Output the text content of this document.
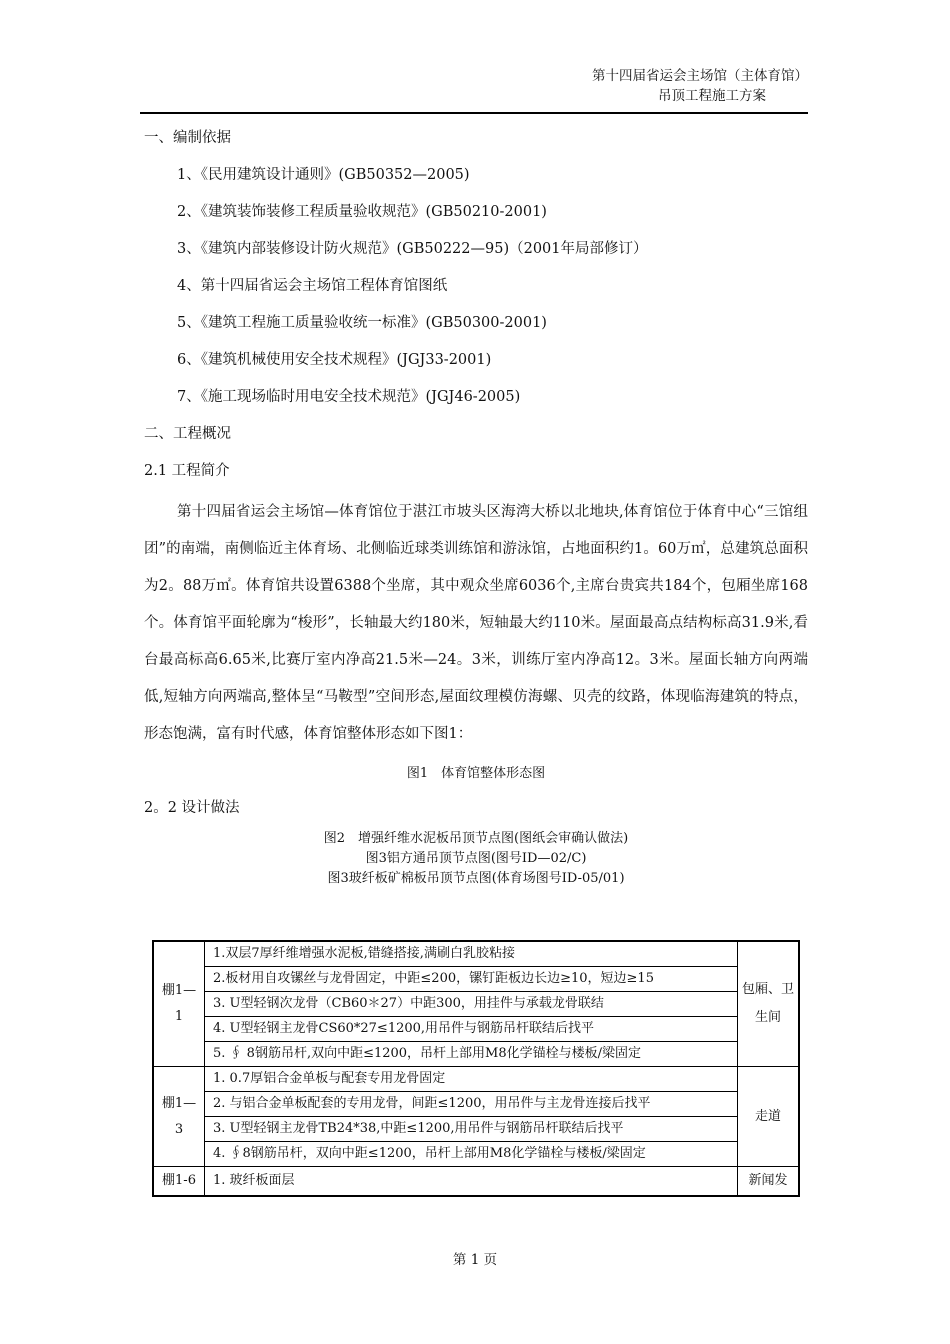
第十四届省运会主场馆（主体育馆）
吊顶工程施工方案
一、编制依据
1、《民用建筑设计通则》(GB50352—2005)
2、《建筑装饰装修工程质量验收规范》(GB50210-2001)
3、《建筑内部装修设计防火规范》(GB50222—95)（2001年局部修订）
4、第十四届省运会主场馆工程体育馆图纸
5、《建筑工程施工质量验收统一标准》(GB50300-2001)
6、《建筑机械使用安全技术规程》(JGJ33-2001)
7、《施工现场临时用电安全技术规范》(JGJ46-2005)
二、工程概况
2.1 工程简介

第十四届省运会主场馆—体育馆位于湛江市坡头区海湾大桥以北地块,体育馆位于体育中心“三馆组团”的南端，南侧临近主体育场、北侧临近球类训练馆和游泳馆，占地面积约1。60万㎡，总建筑总面积为2。88万㎡。体育馆共设置6388个坐席，其中观众坐席6036个,主席台贵宾共184个，包厢坐席168个。体育馆平面轮廓为“梭形”，长轴最大约180米，短轴最大约110米。屋面最高点结构标高31.9米,看台最高标高6.65米,比赛厅室内净高21.5米—24。3米，训练厅室内净高12。3米。屋面长轴方向两端低,短轴方向两端高,整体呈“马鞍型”空间形态,屋面纹理模仿海螺、贝壳的纹路，体现临海建筑的特点，形态饱满，富有时代感，体育馆整体形态如下图1：

图1　体育馆整体形态图
2。2 设计做法
图2　增强纤维水泥板吊顶节点图(图纸会审确认做法)
图3铝方通吊顶节点图(图号ID—02/C)
图3玻纤板矿棉板吊顶节点图(体育场图号ID-05/01)
棚1—1	1.双层7厚纤维增强水泥板,错缝搭接,满刷白乳胶粘接	包厢、卫生间
	2.板材用自攻镙丝与龙骨固定，中距≤200，镙钉距板边长边≥10，短边≥15	
	3. U型轻钢次龙骨（CB60＊27）中距300，用挂件与承载龙骨联结	
	4. U型轻钢主龙骨CS60*27≤1200,用吊件与钢筋吊杆联结后找平	
	5. ∮ 8钢筋吊杆,双向中距≤1200，吊杆上部用M8化学锚栓与楼板/梁固定	
棚1—3	1. 0.7厚铝合金单板与配套专用龙骨固定	走道
	2. 与铝合金单板配套的专用龙骨，间距≤1200，用吊件与主龙骨连接后找平	
	3. U型轻钢主龙骨TB24*38,中距≤1200,用吊件与钢筋吊杆联结后找平	
	4. ∮8钢筋吊杆，双向中距≤1200，吊杆上部用M8化学锚栓与楼板/梁固定	
棚1-6	1. 玻纤板面层	新闻发
第 1 页
